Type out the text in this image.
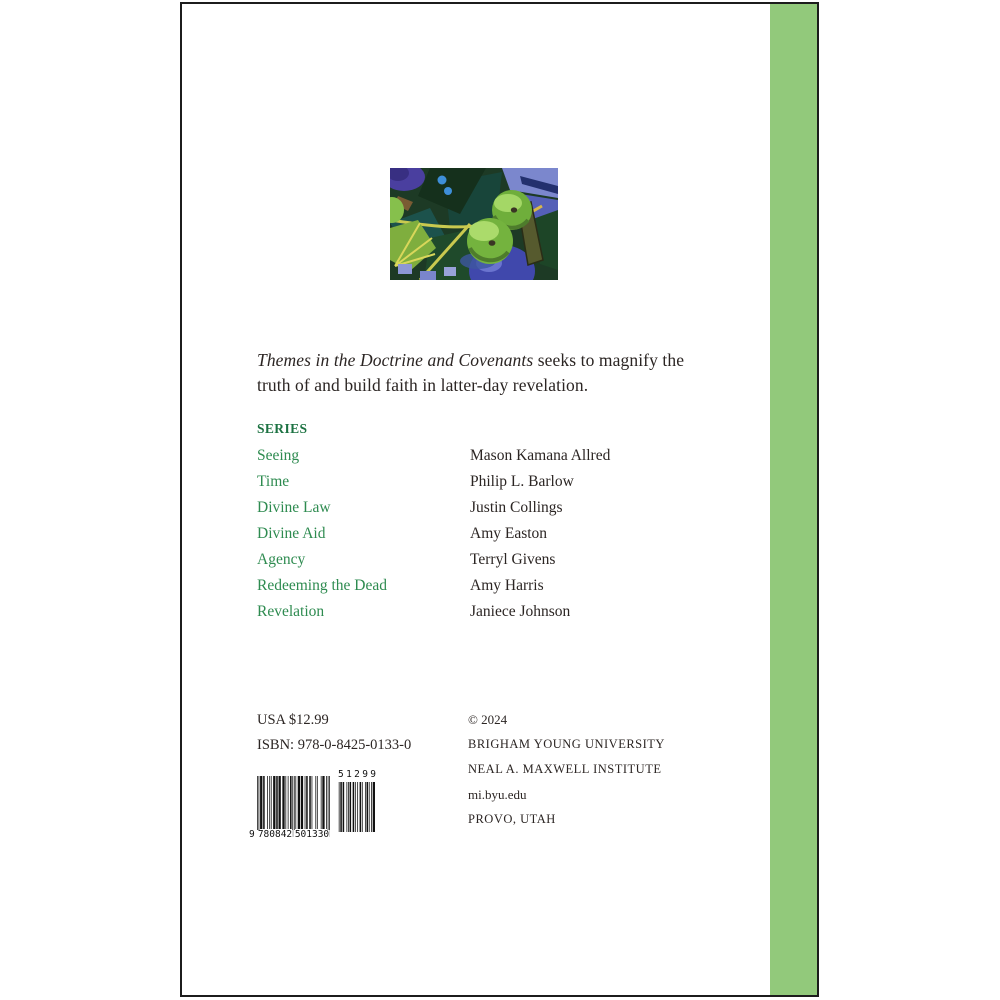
Themes in the Doctrine and Covenants seeks to magnify the truth of and build faith in latter-day revelation.
SERIES
Seeing	Mason Kamana Allred
Time	Philip L. Barlow
Divine Law	Justin Collings
Divine Aid	Amy Easton
Agency	Terryl Givens
Redeeming the Dead	Amy Harris
Revelation	Janiece Johnson
USA $12.99
ISBN: 978-0-8425-0133-0
9 780842 501330
5 1 2 9 9
© 2024
BRIGHAM YOUNG UNIVERSITY
NEAL A. MAXWELL INSTITUTE
mi.byu.edu
PROVO, UTAH
